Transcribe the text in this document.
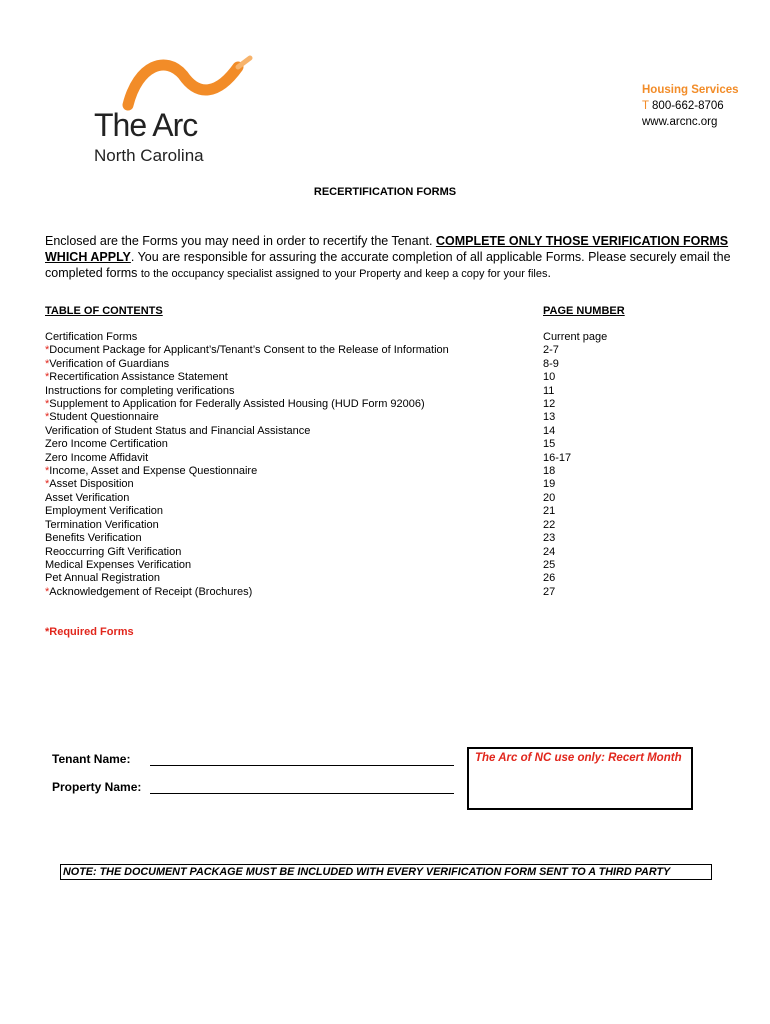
The Arc
North Carolina
Housing Services
T 800-662-8706
www.arcnc.org
RECERTIFICATION FORMS
Enclosed are the Forms you may need in order to recertify the Tenant. COMPLETE ONLY THOSE VERIFICATION FORMS WHICH APPLY. You are responsible for assuring the accurate completion of all applicable Forms. Please securely email the completed forms to the occupancy specialist assigned to your Property and keep a copy for your files.
TABLE OF CONTENTS	PAGE NUMBER
Certification Forms
*Document Package for Applicant’s/Tenant’s Consent to the Release of Information
*Verification of Guardians
*Recertification Assistance Statement
Instructions for completing verifications
*Supplement to Application for Federally Assisted Housing (HUD Form 92006)
*Student Questionnaire
Verification of Student Status and Financial Assistance
Zero Income Certification
Zero Income Affidavit
*Income, Asset and Expense Questionnaire
*Asset Disposition
Asset Verification
Employment Verification
Termination Verification
Benefits Verification
Reoccurring Gift Verification
Medical Expenses Verification
Pet Annual Registration
*Acknowledgement of Receipt (Brochures)
Current page
2-7
8-9
10
11
12
13
14
15
16-17
18
19
20
21
22
23
24
25
26
27
*Required Forms
Tenant Name:
Property Name:
The Arc of NC use only: Recert Month
NOTE: THE DOCUMENT PACKAGE MUST BE INCLUDED WITH EVERY VERIFICATION FORM SENT TO A THIRD PARTY
